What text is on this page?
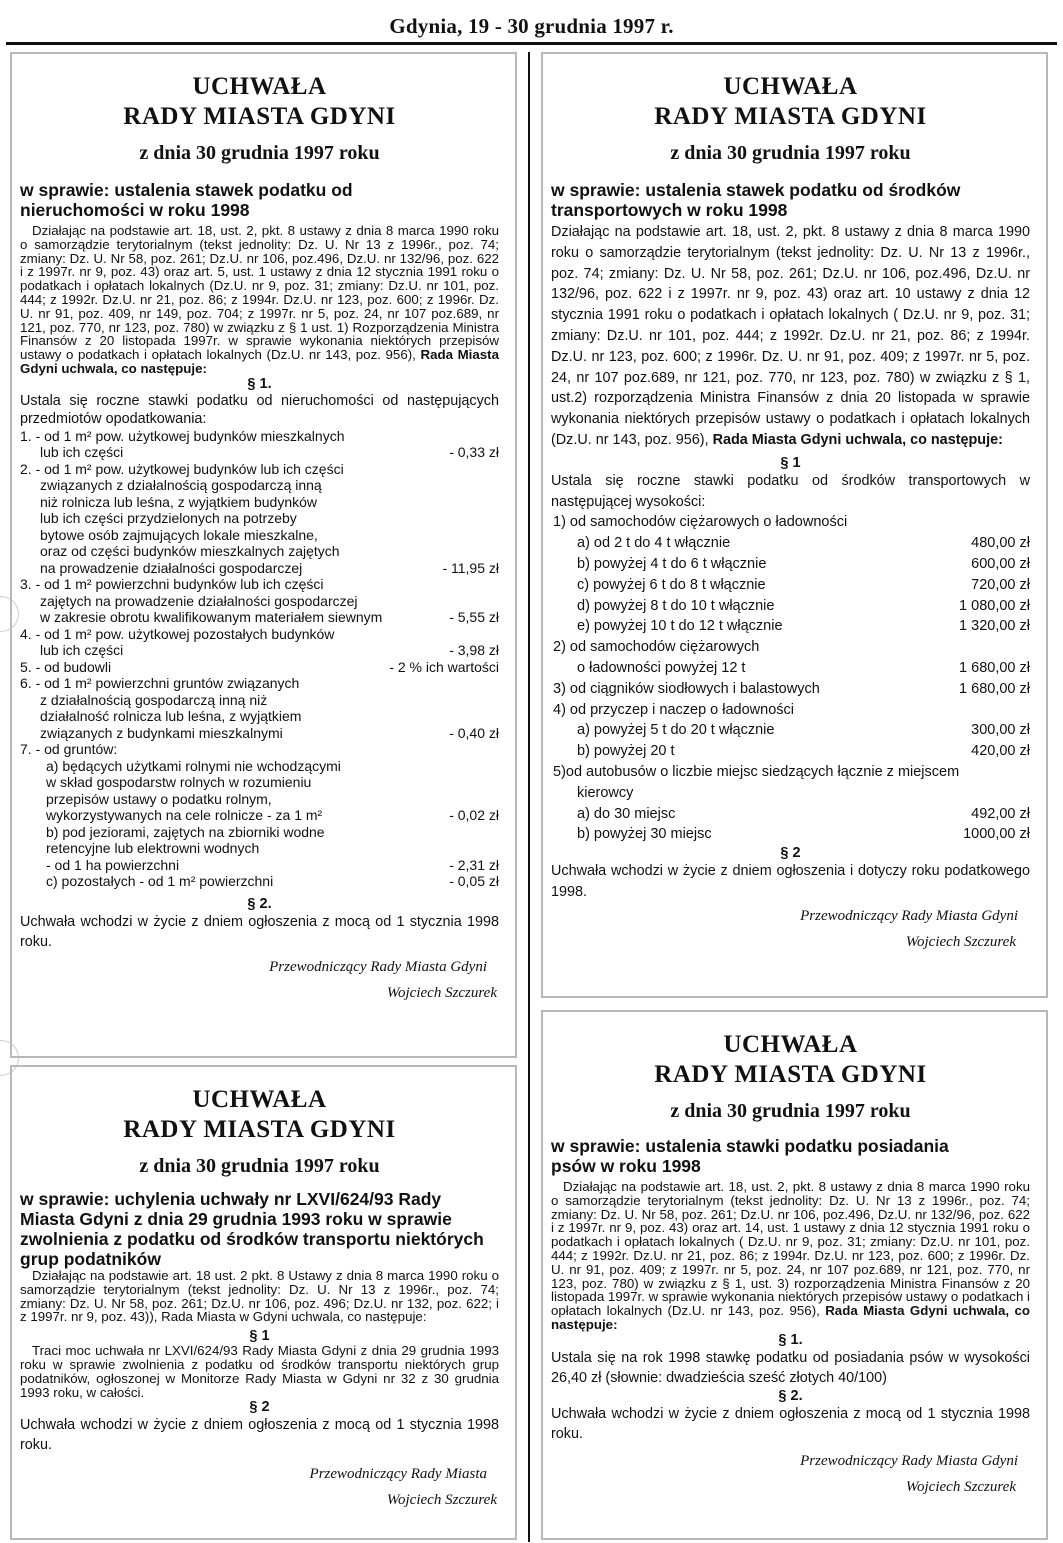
Gdynia, 19 - 30 grudnia 1997 r.
UCHWAŁA
RADY MIASTA GDYNI
z dnia 30 grudnia 1997 roku
w sprawie: ustalenia stawek podatku od nieruchomości w roku 1998
Działając na podstawie art. 18, ust. 2, pkt. 8 ustawy z dnia 8 marca 1990 roku o samorządzie terytorialnym (tekst jednolity: Dz. U. Nr 13 z 1996r., poz. 74; zmiany: Dz. U. Nr 58, poz. 261; Dz.U. nr 106, poz.496, Dz.U. nr 132/96, poz. 622 i z 1997r. nr 9, poz. 43) oraz art. 5, ust. 1 ustawy z dnia 12 stycznia 1991 roku o podatkach i opłatach lokalnych (Dz.U. nr 9, poz. 31; zmiany: Dz.U. nr 101, poz. 444; z 1992r. Dz.U. nr 21, poz. 86; z 1994r. Dz.U. nr 123, poz. 600; z 1996r. Dz. U. nr 91, poz. 409, nr 149, poz. 704; z 1997r. nr 5, poz. 24, nr 107 poz.689, nr 121, poz. 770, nr 123, poz. 780) w związku z § 1 ust. 1) Rozporządzenia Ministra Finansów z 20 listopada 1997r. w sprawie wykonania niektórych przepisów ustawy o podatkach i opłatach lokalnych (Dz.U. nr 143, poz. 956), Rada Miasta Gdyni uchwala, co następuje:
§ 1.
Ustala się roczne stawki podatku od nieruchomości od następujących przedmiotów opodatkowania:
1. - od 1 m² pow. użytkowej budynków mieszkalnych
lub ich części	- 0,33 zł
2. - od 1 m² pow. użytkowej budynków lub ich części
związanych z działalnością gospodarczą inną
niż rolnicza lub leśna, z wyjątkiem budynków
lub ich części przydzielonych na potrzeby
bytowe osób zajmujących lokale mieszkalne,
oraz od części budynków mieszkalnych zajętych
na prowadzenie działalności gospodarczej	- 11,95 zł
3. - od 1 m² powierzchni budynków lub ich części
zajętych na prowadzenie działalności gospodarczej
w zakresie obrotu kwalifikowanym materiałem siewnym	- 5,55 zł
4. - od 1 m² pow. użytkowej pozostałych budynków
lub ich części	- 3,98 zł
5. - od budowli	- 2 % ich wartości
6. - od 1 m² powierzchni gruntów związanych
z działalnością gospodarczą inną niż
działalność rolnicza lub leśna, z wyjątkiem
związanych z budynkami mieszkalnymi	- 0,40 zł
7. - od gruntów:
a) będących użytkami rolnymi nie wchodzącymi
w skład gospodarstw rolnych w rozumieniu
przepisów ustawy o podatku rolnym,
wykorzystywanych na cele rolnicze - za 1 m²	- 0,02 zł
b) pod jeziorami, zajętych na zbiorniki wodne
retencyjne lub elektrowni wodnych
- od 1 ha powierzchni	- 2,31 zł
c) pozostałych - od 1 m² powierzchni	- 0,05 zł
§ 2.
Uchwała wchodzi w życie z dniem ogłoszenia z mocą od 1 stycznia 1998 roku.
Przewodniczący Rady Miasta Gdyni
Wojciech Szczurek
UCHWAŁA
RADY MIASTA GDYNI
z dnia 30 grudnia 1997 roku
w sprawie: uchylenia uchwały nr LXVI/624/93 Rady Miasta Gdyni z dnia 29 grudnia 1993 roku w sprawie zwolnienia z podatku od środków transportu niektórych grup podatników
Działając na podstawie art. 18 ust. 2 pkt. 8 Ustawy z dnia 8 marca 1990 roku o samorządzie terytorialnym (tekst jednolity: Dz. U. Nr 13 z 1996r., poz. 74; zmiany: Dz. U. Nr 58, poz. 261; Dz.U. nr 106, poz. 496; Dz.U. nr 132, poz. 622; i z 1997r. nr 9, poz. 43)), Rada Miasta w Gdyni uchwala, co następuje:
§ 1
Traci moc uchwała nr LXVI/624/93 Rady Miasta Gdyni z dnia 29 grudnia 1993 roku w sprawie zwolnienia z podatku od środków transportu niektórych grup podatników, ogłoszonej w Monitorze Rady Miasta w Gdyni nr 32 z 30 grudnia 1993 roku, w całości.
§ 2
Uchwała wchodzi w życie z dniem ogłoszenia z mocą od 1 stycznia 1998 roku.
Przewodniczący Rady Miasta
Wojciech Szczurek
UCHWAŁA
RADY MIASTA GDYNI
z dnia 30 grudnia 1997 roku
w sprawie: ustalenia stawek podatku od środków transportowych w roku 1998
Działając na podstawie art. 18, ust. 2, pkt. 8 ustawy z dnia 8 marca 1990 roku o samorządzie terytorialnym (tekst jednolity: Dz. U. Nr 13 z 1996r., poz. 74; zmiany: Dz. U. Nr 58, poz. 261; Dz.U. nr 106, poz.496, Dz.U. nr 132/96, poz. 622 i z 1997r. nr 9, poz. 43) oraz art. 10 ustawy z dnia 12 stycznia 1991 roku o podatkach i opłatach lokalnych ( Dz.U. nr 9, poz. 31; zmiany: Dz.U. nr 101, poz. 444; z 1992r. Dz.U. nr 21, poz. 86; z 1994r. Dz.U. nr 123, poz. 600; z 1996r. Dz. U. nr 91, poz. 409; z 1997r. nr 5, poz. 24, nr 107 poz.689, nr 121, poz. 770, nr 123, poz. 780) w związku z § 1, ust.2) rozporządzenia Ministra Finansów z dnia 20 listopada w sprawie wykonania niektórych przepisów ustawy o podatkach i opłatach lokalnych (Dz.U. nr 143, poz. 956), Rada Miasta Gdyni uchwala, co następuje:
§ 1
Ustala się roczne stawki podatku od środków transportowych w następującej wysokości:
1) od samochodów ciężarowych o ładowności
a) od 2 t do 4 t włącznie	480,00 zł
b) powyżej 4 t do 6 t włącznie	600,00 zł
c) powyżej 6 t do 8 t włącznie	720,00 zł
d) powyżej 8 t do 10 t włącznie	1 080,00 zł
e) powyżej 10 t do 12 t włącznie	1 320,00 zł
2) od samochodów ciężarowych
o ładowności powyżej 12 t	1 680,00 zł
3) od ciągników siodłowych i balastowych	1 680,00 zł
4) od przyczep i naczep o ładowności
a) powyżej 5 t do 20 t włącznie	300,00 zł
b) powyżej 20 t	420,00 zł
5)od autobusów o liczbie miejsc siedzących łącznie z miejscem
kierowcy
a) do 30 miejsc	492,00 zł
b) powyżej 30 miejsc	1000,00 zł
§ 2
Uchwała wchodzi w życie z dniem ogłoszenia i dotyczy roku podatkowego 1998.
Przewodniczący Rady Miasta Gdyni
Wojciech Szczurek
UCHWAŁA
RADY MIASTA GDYNI
z dnia 30 grudnia 1997 roku
w sprawie: ustalenia stawki podatku posiadania psów w roku 1998
Działając na podstawie art. 18, ust. 2, pkt. 8 ustawy z dnia 8 marca 1990 roku o samorządzie terytorialnym (tekst jednolity: Dz. U. Nr 13 z 1996r., poz. 74; zmiany: Dz. U. Nr 58, poz. 261; Dz.U. nr 106, poz.496, Dz.U. nr 132/96, poz. 622 i z 1997r. nr 9, poz. 43) oraz art. 14, ust. 1 ustawy z dnia 12 stycznia 1991 roku o podatkach i opłatach lokalnych ( Dz.U. nr 9, poz. 31; zmiany: Dz.U. nr 101, poz. 444; z 1992r. Dz.U. nr 21, poz. 86; z 1994r. Dz.U. nr 123, poz. 600; z 1996r. Dz. U. nr 91, poz. 409; z 1997r. nr 5, poz. 24, nr 107 poz.689, nr 121, poz. 770, nr 123, poz. 780) w związku z § 1, ust. 3) rozporządzenia Ministra Finansów z 20 listopada 1997r. w sprawie wykonania niektórych przepisów ustawy o podatkach i opłatach lokalnych (Dz.U. nr 143, poz. 956), Rada Miasta Gdyni uchwala, co następuje:
§ 1.
Ustala się na rok 1998 stawkę podatku od posiadania psów w wysokości 26,40 zł (słownie: dwadzieścia sześć złotych 40/100)
§ 2.
Uchwała wchodzi w życie z dniem ogłoszenia z mocą od 1 stycznia 1998 roku.
Przewodniczący Rady Miasta Gdyni
Wojciech Szczurek
